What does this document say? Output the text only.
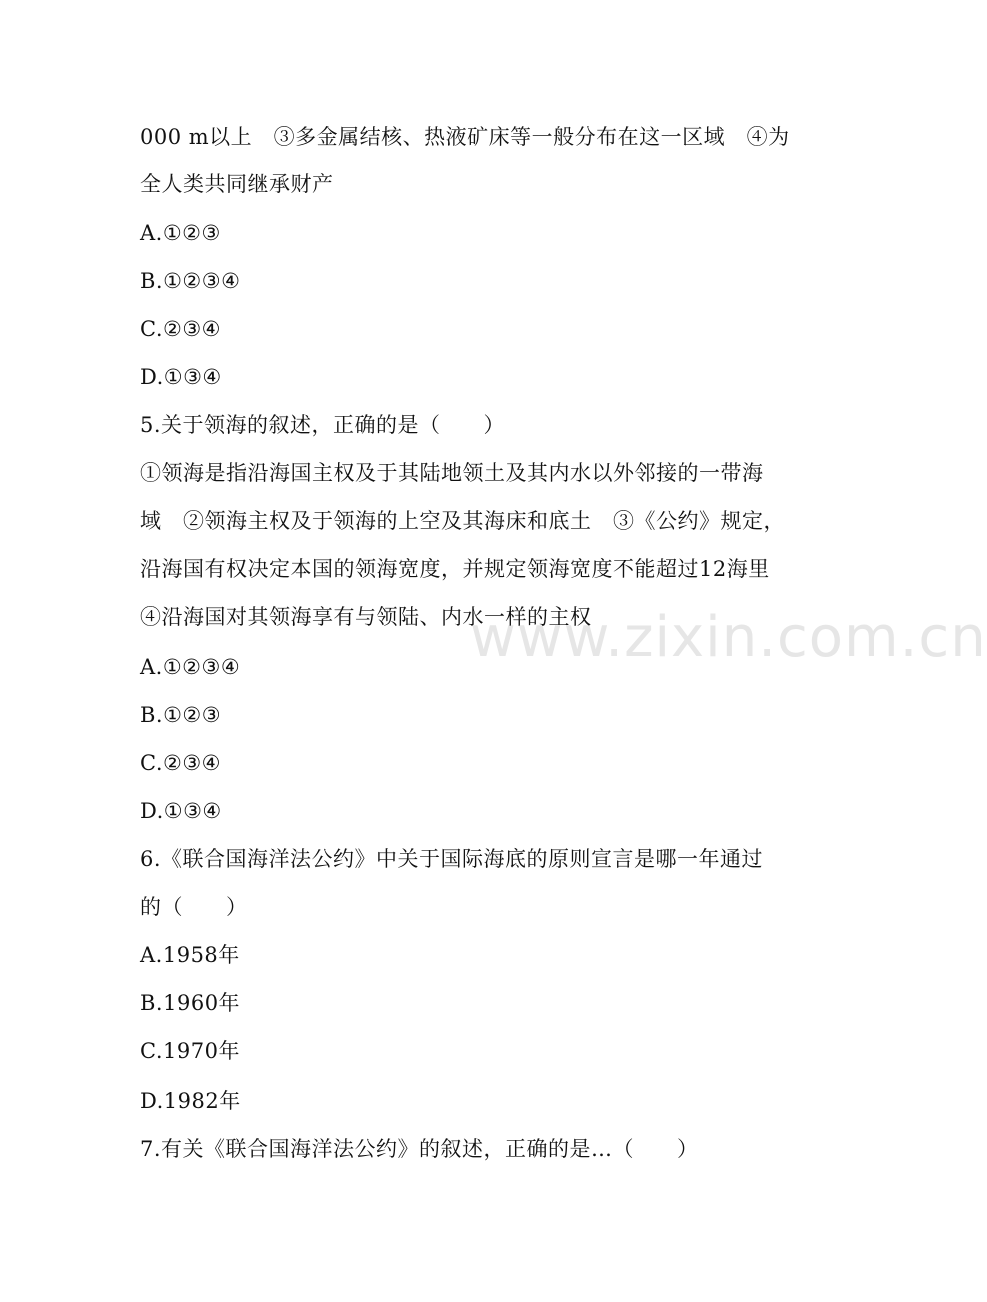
www.zixin.com.cn
000 m以上　③多金属结核、热液矿床等一般分布在这一区域　④为
全人类共同继承财产
A.①②③
B.①②③④
C.②③④
D.①③④
5.关于领海的叙述，正确的是（　　）
①领海是指沿海国主权及于其陆地领土及其内水以外邻接的一带海
域　②领海主权及于领海的上空及其海床和底土　③《公约》规定，
沿海国有权决定本国的领海宽度，并规定领海宽度不能超过12海里
④沿海国对其领海享有与领陆、内水一样的主权
A.①②③④
B.①②③
C.②③④
D.①③④
6.《联合国海洋法公约》中关于国际海底的原则宣言是哪一年通过
的（　　）
A.1958年
B.1960年
C.1970年
D.1982年
7.有关《联合国海洋法公约》的叙述，正确的是…（　　）
